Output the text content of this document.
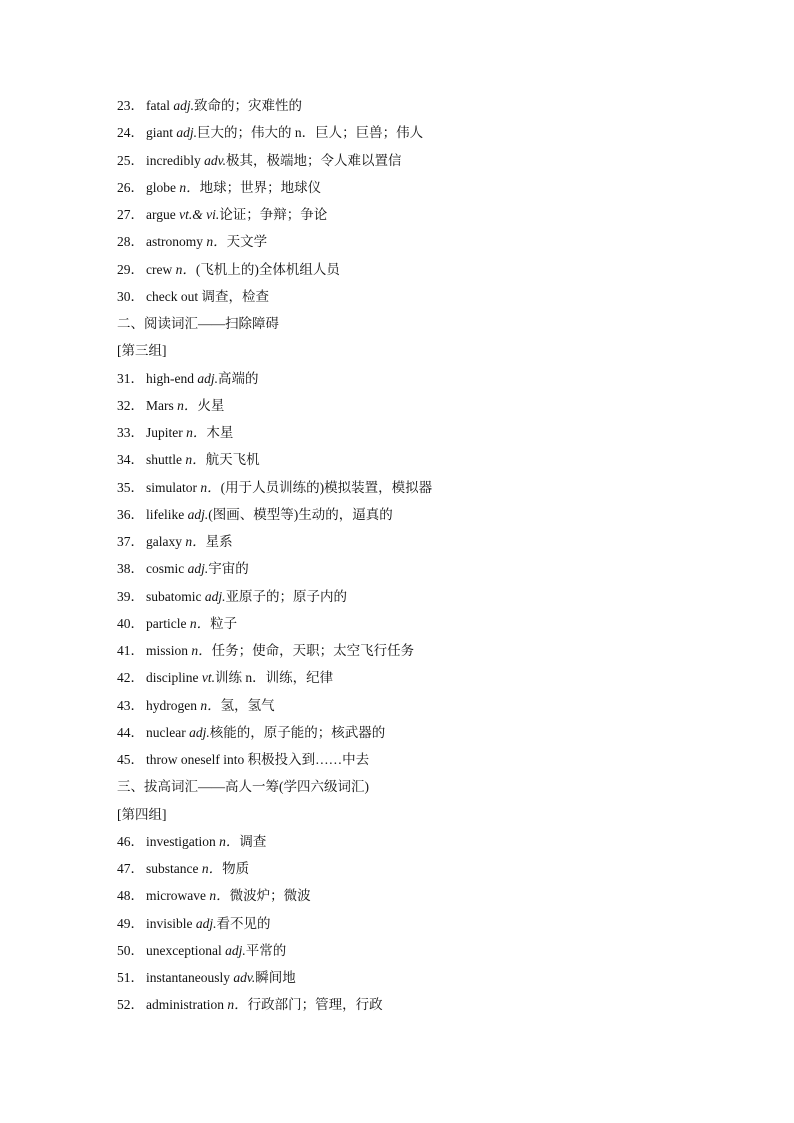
23． fatal adj.致命的；灾难性的
24． giant adj.巨大的；伟大的 n．巨人；巨兽；伟人
25． incredibly adv.极其，极端地；令人难以置信
26． globe n．地球；世界；地球仪
27． argue vt.& vi.论证；争辩；争论
28． astronomy n．天文学
29． crew n．(飞机上的)全体机组人员
30． check out 调查，检查
二、阅读词汇——扫除障碍
[第三组]
31． high-end adj.高端的
32． Mars n．火星
33． Jupiter n．木星
34． shuttle n．航天飞机
35． simulator n．(用于人员训练的)模拟装置，模拟器
36． lifelike adj.(图画、模型等)生动的，逼真的
37． galaxy n．星系
38． cosmic adj.宇宙的
39． subatomic adj.亚原子的；原子内的
40． particle n．粒子
41． mission n．任务；使命，天职；太空飞行任务
42． discipline vt.训练 n．训练，纪律
43． hydrogen n．氢，氢气
44． nuclear adj.核能的，原子能的；核武器的
45． throw oneself into 积极投入到……中去
三、拔高词汇——高人一筹(学四六级词汇)
[第四组]
46． investigation n．调查
47． substance n．物质
48． microwave n．微波炉；微波
49． invisible adj.看不见的
50． unexceptional adj.平常的
51． instantaneously adv.瞬间地
52． administration n．行政部门；管理，行政
